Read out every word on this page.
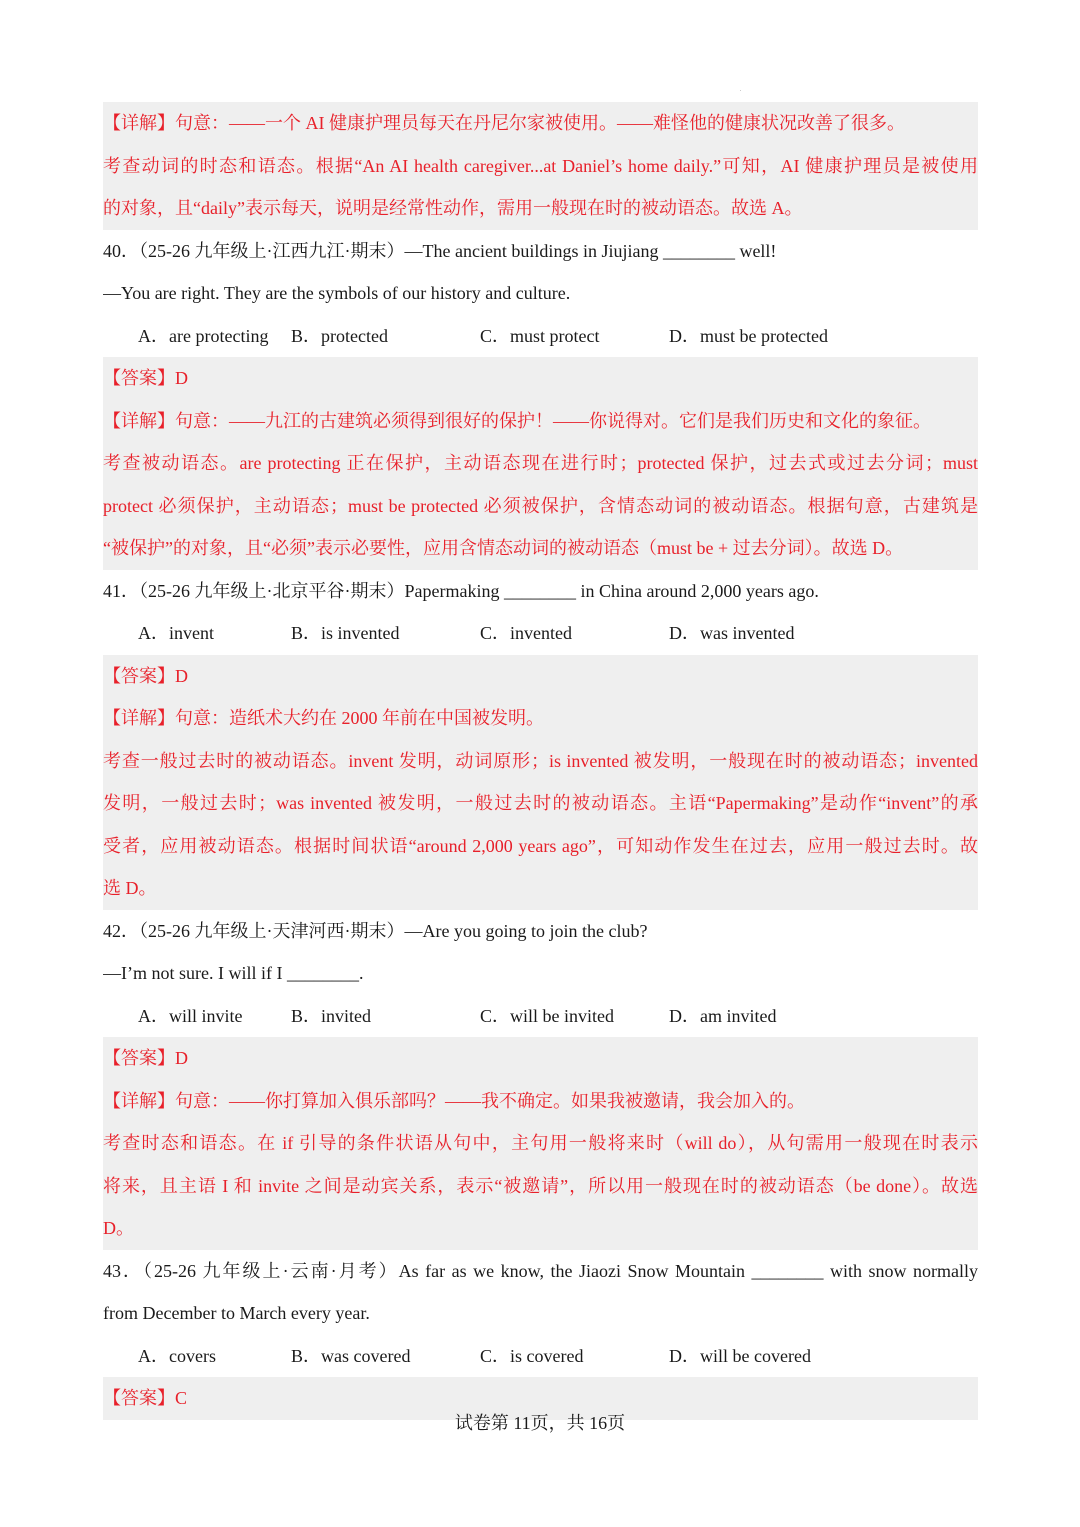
【详解】句意：——一个 AI 健康护理员每天在丹尼尔家被使用。——难怪他的健康状况改善了很多。
考查动词的时态和语态。根据“An AI health caregiver...at Daniel’s home daily.”可知，AI 健康护理员是被使用
的对象，且“daily”表示每天，说明是经常性动作，需用一般现在时的被动语态。故选 A。
40．（25-26 九年级上·江西九江·期末）—The ancient buildings in Jiujiang ________ well!
—You are right. They are the symbols of our history and culture.
A．are protecting B．protected	C．must protect	D．must be protected
【答案】D
【详解】句意：——九江的古建筑必须得到很好的保护！——你说得对。它们是我们历史和文化的象征。
考查被动语态。are protecting 正在保护，主动语态现在进行时；protected 保护，过去式或过去分词；must
protect 必须保护，主动语态；must be protected 必须被保护，含情态动词的被动语态。根据句意，古建筑是
“被保护”的对象，且“必须”表示必要性，应用含情态动词的被动语态（must be + 过去分词）。故选 D。
41．（25-26 九年级上·北京平谷·期末）Papermaking ________ in China around 2,000 years ago.
A．invent	B．is invented	C．invented	D．was invented
【答案】D
【详解】句意：造纸术大约在 2000 年前在中国被发明。
考查一般过去时的被动语态。invent 发明，动词原形；is invented 被发明，一般现在时的被动语态；invented
发明，一般过去时；was invented 被发明，一般过去时的被动语态。主语“Papermaking”是动作“invent”的承
受者，应用被动语态。根据时间状语“around 2,000 years ago”，可知动作发生在过去，应用一般过去时。故
选 D。
42．（25-26 九年级上·天津河西·期末）—Are you going to join the club?
—I’m not sure. I will if I ________.
A．will invite	B．invited	C．will be invited	D．am invited
【答案】D
【详解】句意：——你打算加入俱乐部吗？——我不确定。如果我被邀请，我会加入的。
考查时态和语态。在 if 引导的条件状语从句中，主句用一般将来时（will do），从句需用一般现在时表示
将来，且主语 I 和 invite 之间是动宾关系，表示“被邀请”，所以用一般现在时的被动语态（be done）。故选
D。
43．（25-26 九年级上·云南·月考）As far as we know, the Jiaozi Snow Mountain ________ with snow normally
from December to March every year.
A．covers	B．was covered	C．is covered	D．will be covered
【答案】C
试卷第 11页，共 16页
